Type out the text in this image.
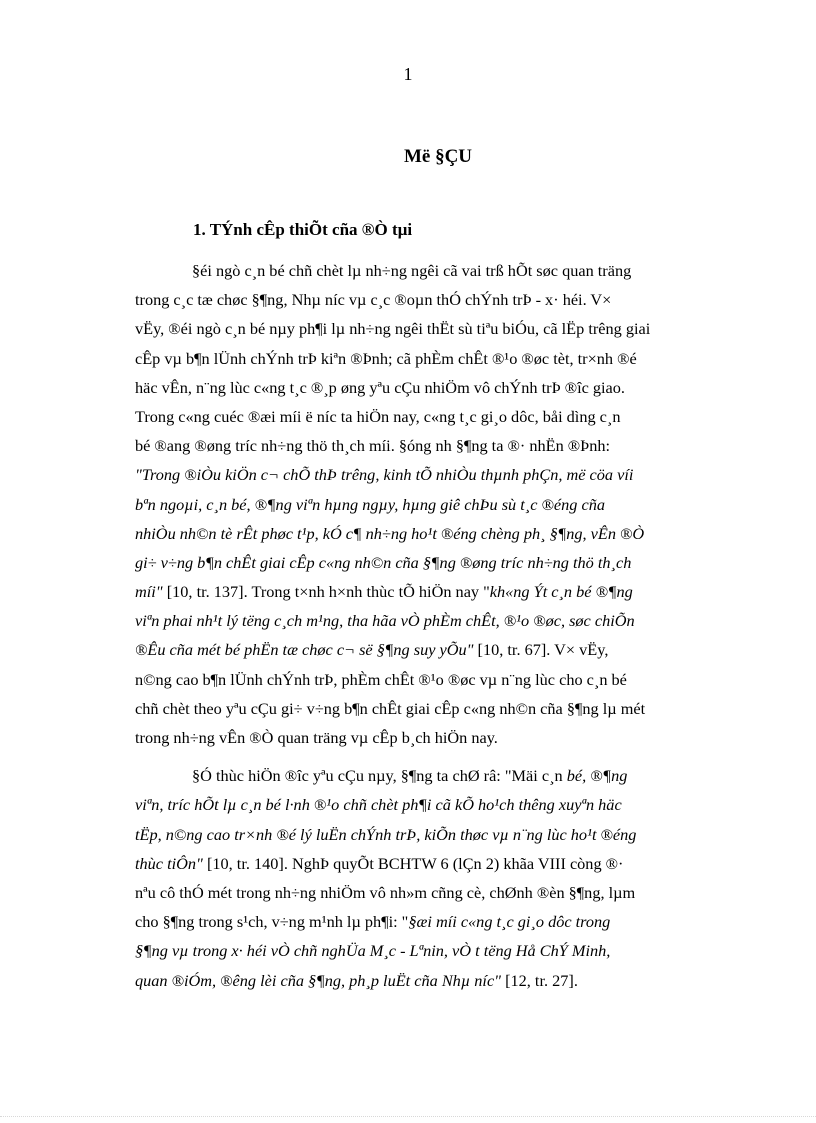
1
Më §ÇU
1. TÝnh cÊp thiÕt cña ®Ò tµi
§éi ngò c¸n bé chñ chèt lµ nh÷ng ngêi cã vai trß hÕt søc quan träng
trong c¸c tæ chøc §¶ng, Nhµ níc vµ c¸c ®oµn thÓ chÝnh trÞ - x· héi. V×
vËy, ®éi ngò c¸n bé nµy ph¶i lµ nh÷ng ngêi thËt sù tiªu biÓu, cã lËp trêng giai
cÊp vµ b¶n lÜnh chÝnh trÞ kiªn ®Þnh; cã phÈm chÊt ®¹o ®øc tèt, tr×nh ®é
häc vÊn, n¨ng lùc c«ng t¸c ®¸p øng yªu cÇu nhiÖm vô chÝnh trÞ ®îc giao.
Trong c«ng cuéc ®æi míi ë níc ta hiÖn nay, c«ng t¸c gi¸o dôc, båi dìng c¸n
bé ®ang ®øng tríc nh÷ng thö th¸ch míi. §óng nh §¶ng ta ®· nhËn ®Þnh:
"Trong ®iÒu kiÖn c¬ chÕ thÞ trêng, kinh tÕ nhiÒu thµnh phÇn, më cöa víi
bªn ngoµi, c¸n bé, ®¶ng viªn hµng ngµy, hµng giê chÞu sù t¸c ®éng cña
nhiÒu nh©n tè rÊt phøc t¹p, kÓ c¶ nh÷ng ho¹t ®éng chèng ph¸ §¶ng, vÊn ®Ò
gi÷ v÷ng b¶n chÊt giai cÊp c«ng nh©n cña §¶ng ®øng tríc nh÷ng thö th¸ch
míi" [10, tr. 137]. Trong t×nh h×nh thùc tÕ hiÖn nay "kh«ng Ýt c¸n bé ®¶ng
viªn phai nh¹t lý tëng c¸ch m¹ng, tha hãa vÒ phÈm chÊt, ®¹o ®øc, søc chiÕn
®Êu cña mét bé phËn tæ chøc c¬ së §¶ng suy yÕu" [10, tr. 67]. V× vËy,
n©ng cao b¶n lÜnh chÝnh trÞ, phÈm chÊt ®¹o ®øc vµ n¨ng lùc cho c¸n bé
chñ chèt theo yªu cÇu gi÷ v÷ng b¶n chÊt giai cÊp c«ng nh©n cña §¶ng lµ mét
trong nh÷ng vÊn ®Ò quan träng vµ cÊp b¸ch hiÖn nay.
§Ó thùc hiÖn ®îc yªu cÇu nµy, §¶ng ta chØ râ: "Mäi c¸n bé, ®¶ng
viªn, tríc hÕt lµ c¸n bé l·nh ®¹o chñ chèt ph¶i cã kÕ ho¹ch thêng xuyªn häc
tËp, n©ng cao tr×nh ®é lý luËn chÝnh trÞ, kiÕn thøc vµ n¨ng lùc ho¹t ®éng
thùc tiÔn" [10, tr. 140]. NghÞ quyÕt BCHTW 6 (lÇn 2) khãa VIII còng ®·
nªu cô thÓ mét trong nh÷ng nhiÖm vô nh»m cñng cè, chØnh ®èn §¶ng, lµm
cho §¶ng trong s¹ch, v÷ng m¹nh lµ ph¶i: "§æi míi c«ng t¸c gi¸o dôc trong
§¶ng vµ trong x· héi vÒ chñ nghÜa M¸c - Lªnin, vÒ t tëng Hå ChÝ Minh,
quan ®iÓm, ®êng lèi cña §¶ng, ph¸p luËt cña Nhµ níc" [12, tr. 27].
